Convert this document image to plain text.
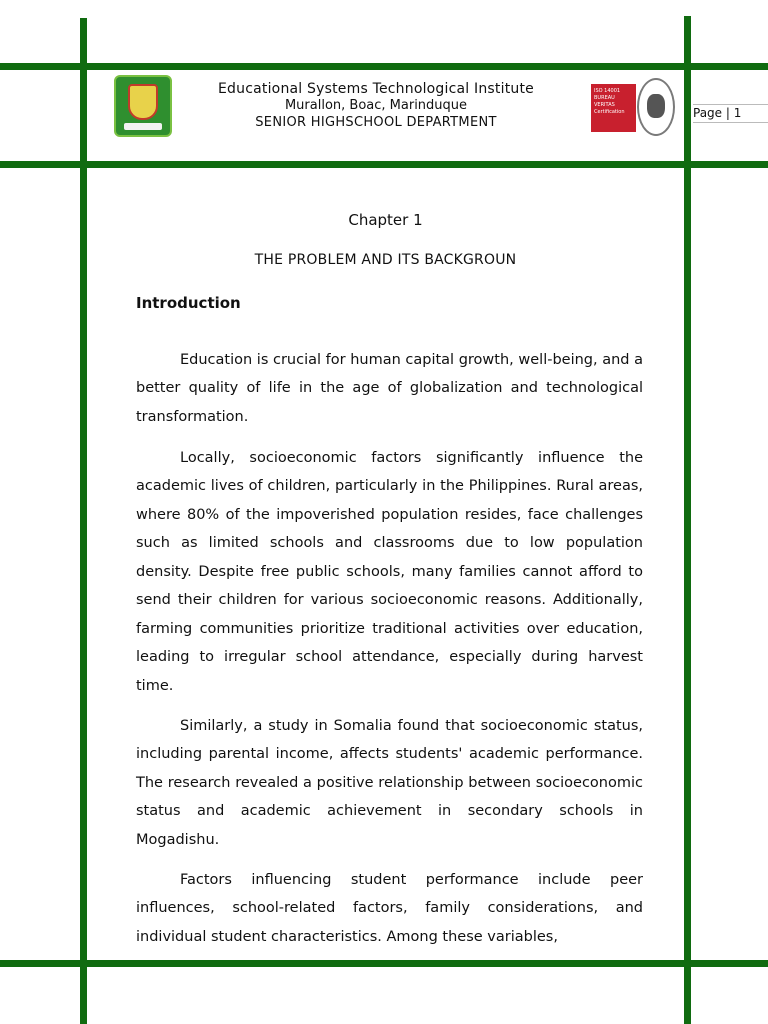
Educational Systems Technological Institute
Murallon, Boac, Marinduque
SENIOR HIGHSCHOOL DEPARTMENT
ISO 14001 BUREAU VERITAS Certification	Page | 1
Chapter 1
THE PROBLEM AND ITS BACKGROUN
Introduction

Education is crucial for human capital growth, well-being, and a better quality of life in the age of globalization and technological transformation.

Locally, socioeconomic factors significantly influence the academic lives of children, particularly in the Philippines. Rural areas, where 80% of the impoverished population resides, face challenges such as limited schools and classrooms due to low population density. Despite free public schools, many families cannot afford to send their children for various socioeconomic reasons. Additionally, farming communities prioritize traditional activities over education, leading to irregular school attendance, especially during harvest time.

Similarly, a study in Somalia found that socioeconomic status, including parental income, affects students' academic performance. The research revealed a positive relationship between socioeconomic status and academic achievement in secondary schools in Mogadishu.

Factors influencing student performance include peer influences, school-related factors, family considerations, and individual student characteristics. Among these variables,
